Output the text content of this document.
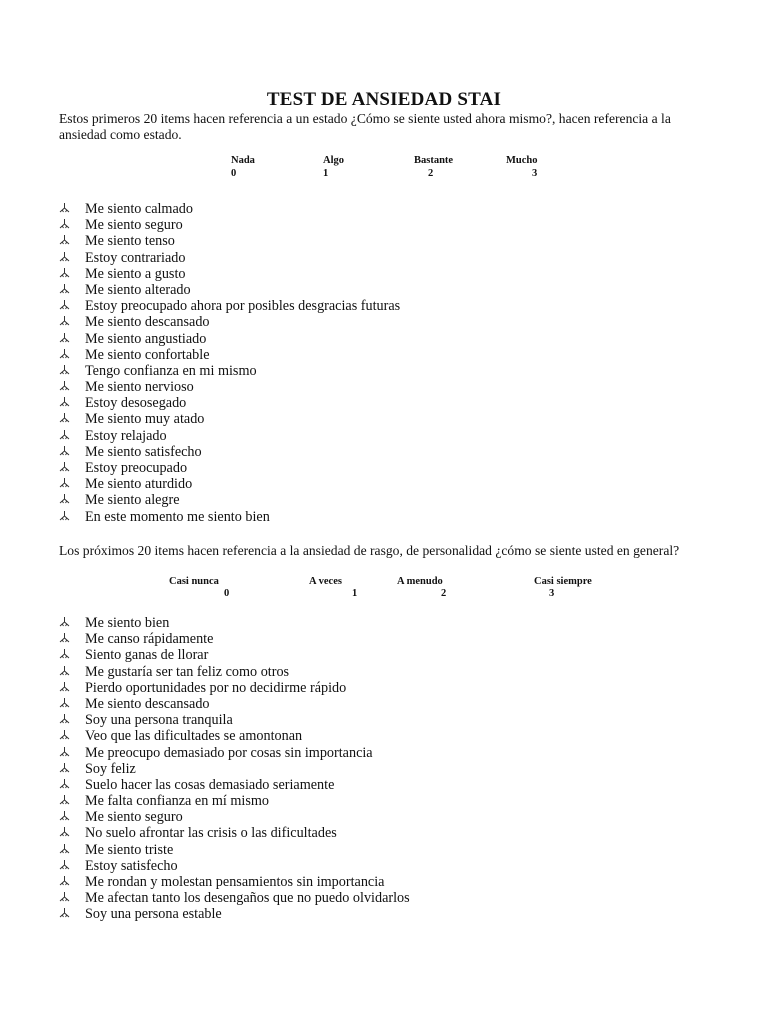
TEST DE ANSIEDAD STAI
Estos primeros 20 items hacen referencia a un estado ¿Cómo se siente usted ahora mismo?, hacen referencia a la ansiedad como estado.
Nada
0
Algo
1
Bastante
2
Mucho
3
Me siento calmado
Me siento seguro
Me siento tenso
Estoy contrariado
Me siento a gusto
Me siento alterado
Estoy preocupado ahora por posibles desgracias futuras
Me siento descansado
Me siento angustiado
Me siento confortable
Tengo confianza en mi mismo
Me siento nervioso
Estoy desosegado
Me siento muy atado
Estoy relajado
Me siento satisfecho
Estoy preocupado
Me siento aturdido
Me siento alegre
En este momento me siento bien
Los próximos 20 items hacen referencia a la ansiedad de rasgo, de personalidad ¿cómo se siente usted en general?
Casi nunca
0
A veces
1
A menudo
2
Casi siempre
3
Me siento bien
Me canso rápidamente
Siento ganas de llorar
Me gustaría ser tan feliz como otros
Pierdo oportunidades por no decidirme rápido
Me siento descansado
Soy una persona tranquila
Veo que las dificultades se amontonan
Me preocupo demasiado por cosas sin importancia
Soy feliz
Suelo hacer las cosas demasiado seriamente
Me falta confianza en mí mismo
Me siento seguro
No suelo afrontar las crisis o las dificultades
Me siento triste
Estoy satisfecho
Me rondan y molestan pensamientos sin importancia
Me afectan tanto los desengaños que no puedo olvidarlos
Soy una persona estable
